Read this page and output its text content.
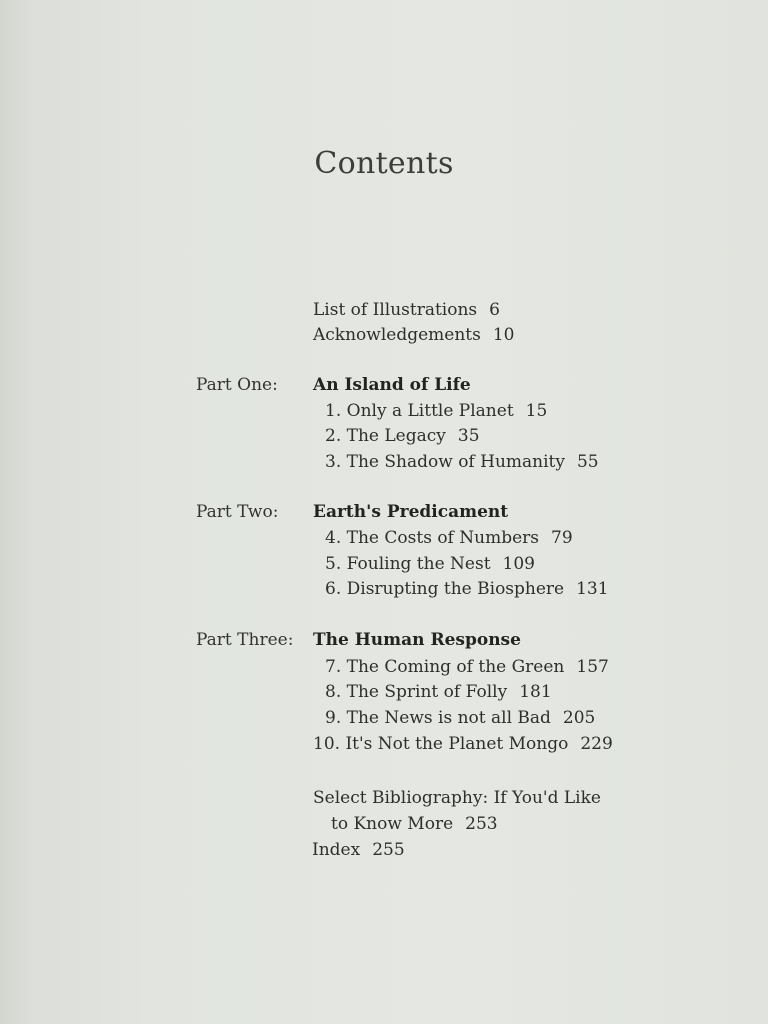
Contents
List of Illustrations 6
Acknowledgements 10
Part One: An Island of Life
1. Only a Little Planet 15
2. The Legacy 35
3. The Shadow of Humanity 55
Part Two: Earth's Predicament
4. The Costs of Numbers 79
5. Fouling the Nest 109
6. Disrupting the Biosphere 131
Part Three: The Human Response
7. The Coming of the Green 157
8. The Sprint of Folly 181
9. The News is not all Bad 205
10. It's Not the Planet Mongo 229
Select Bibliography: If You'd Like
to Know More 253
Index 255
